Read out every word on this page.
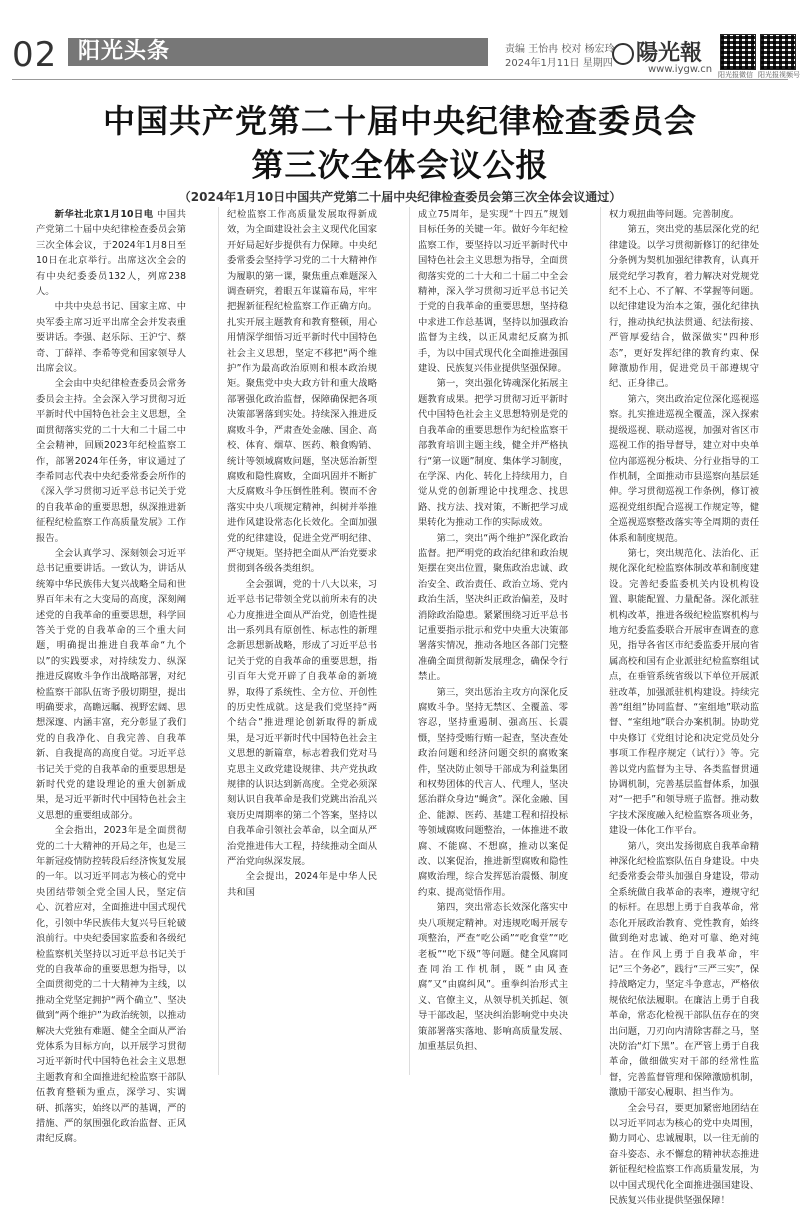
02 阳光头条	责编 王怡冉 校对 杨宏玲
2024年1月11日 星期四	陽光報
www.iygw.cn 阳光报微信 阳光报视频号
中国共产党第二十届中央纪律检查委员会
第三次全体会议公报
（2024年1月10日中国共产党第二十届中央纪律检查委员会第三次全体会议通过）

新华社北京1月10日电 中国共产党第二十届中央纪律检查委员会第三次全体会议，于2024年1月8日至10日在北京举行。出席这次全会的有中央纪委委员132人，列席238人。

中共中央总书记、国家主席、中央军委主席习近平出席全会并发表重要讲话。李强、赵乐际、王沪宁、蔡奇、丁薛祥、李希等党和国家领导人出席会议。

全会由中央纪律检查委员会常务委员会主持。全会深入学习贯彻习近平新时代中国特色社会主义思想，全面贯彻落实党的二十大和二十届二中全会精神，回顾2023年纪检监察工作，部署2024年任务，审议通过了李希同志代表中央纪委常委会所作的《深入学习贯彻习近平总书记关于党的自我革命的重要思想，纵深推进新征程纪检监察工作高质量发展》工作报告。

全会认真学习、深刻领会习近平总书记重要讲话。一致认为，讲话从统筹中华民族伟大复兴战略全局和世界百年未有之大变局的高度，深刻阐述党的自我革命的重要思想，科学回答关于党的自我革命的三个重大问题，明确提出推进自我革命“九个以”的实践要求，对持续发力、纵深推进反腐败斗争作出战略部署，对纪检监察干部队伍寄予殷切期望，提出明确要求，高瞻远瞩、视野宏阔、思想深邃、内涵丰富，充分彰显了我们党的自我净化、自我完善、自我革新、自我提高的高度自觉。习近平总书记关于党的自我革命的重要思想是新时代党的建设理论的重大创新成果，是习近平新时代中国特色社会主义思想的重要组成部分。

全会指出，2023年是全面贯彻党的二十大精神的开局之年，也是三年新冠疫情防控转段后经济恢复发展的一年。以习近平同志为核心的党中央团结带领全党全国人民，坚定信心、沉着应对，全面推进中国式现代化，引领中华民族伟大复兴号巨轮破浪前行。中央纪委国家监委和各级纪检监察机关坚持以习近平总书记关于党的自我革命的重要思想为指导，以全面贯彻党的二十大精神为主线，以推动全党坚定拥护“两个确立”、坚决做到“两个维护”为政治统领，以推动解决大党独有难题、健全全面从严治党体系为目标方向，以开展学习贯彻习近平新时代中国特色社会主义思想主题教育和全面推进纪检监察干部队伍教育整顿为重点，深学习、实调研、抓落实，始终以严的基调，严的措施、严的氛围强化政治监督、正风肃纪反腐。

纪检监察工作高质量发展取得新成效，为全面建设社会主义现代化国家开好局起好步提供有力保障。中央纪委常委会坚持学习党的二十大精神作为履职的第一课，聚焦重点难题深入调查研究，着眼五年谋篇布局，牢牢把握新征程纪检监察工作正确方向。扎实开展主题教育和教育整顿，用心用情深学细悟习近平新时代中国特色社会主义思想，坚定不移把“两个维护”作为最高政治原则和根本政治规矩。聚焦党中央大政方针和重大战略部署强化政治监督，保障确保把各项决策部署落到实处。持续深入推进反腐败斗争，严肃查处金融、国企、高校、体育、烟草、医药、粮食购销、统计等领域腐败问题，坚决惩治新型腐败和隐性腐败，全面巩固并不断扩大反腐败斗争压倒性胜利。锲而不舍落实中央八项规定精神，纠树并举推进作风建设常态化长效化。全面加强党的纪律建设，促进全党严明纪律、严守规矩。坚持把全面从严治党要求贯彻到各级各类组织。

全会强调，党的十八大以来，习近平总书记带领全党以前所未有的决心力度推进全面从严治党，创造性提出一系列具有原创性、标志性的新理念新思想新战略，形成了习近平总书记关于党的自我革命的重要思想，指引百年大党开辟了自我革命的新境界，取得了系统性、全方位、开创性的历史性成就。这是我们党坚持“两个结合”推进理论创新取得的新成果，是习近平新时代中国特色社会主义思想的新篇章，标志着我们党对马克思主义政党建设规律、共产党执政规律的认识达到新高度。全党必须深刻认识自我革命是我们党跳出治乱兴衰历史周期率的第二个答案，坚持以自我革命引领社会革命，以全面从严治党推进伟大工程，持续推动全面从严治党向纵深发展。

全会提出，2024年是中华人民共和国

成立75周年，是实现“十四五”规划目标任务的关键一年。做好今年纪检监察工作，要坚持以习近平新时代中国特色社会主义思想为指导，全面贯彻落实党的二十大和二十届二中全会精神，深入学习贯彻习近平总书记关于党的自我革命的重要思想，坚持稳中求进工作总基调，坚持以加强政治监督为主线，以正风肃纪反腐为抓手，为以中国式现代化全面推进强国建设、民族复兴伟业提供坚强保障。

第一，突出强化铸魂深化拓展主题教育成果。把学习贯彻习近平新时代中国特色社会主义思想特别是党的自我革命的重要思想作为纪检监察干部教育培训主题主线，健全并严格执行“第一议题”制度、集体学习制度，在学深、内化、转化上持续用力，自觉从党的创新理论中找理念、找思路、找方法、找对策，不断把学习成果转化为推动工作的实际成效。

第二，突出“两个维护”深化政治监督。把严明党的政治纪律和政治规矩摆在突出位置，聚焦政治忠诚、政治安全、政治责任、政治立场、党内政治生活，坚决纠正政治偏差，及时消除政治隐患。紧紧围绕习近平总书记重要指示批示和党中央重大决策部署落实情况，推动各地区各部门完整准确全面贯彻新发展理念，确保令行禁止。

第三，突出惩治主攻方向深化反腐败斗争。坚持无禁区、全覆盖、零容忍，坚持重遏制、强高压、长震慑，坚持受贿行贿一起查，坚决查处政治问题和经济问题交织的腐败案件，坚决防止领导干部成为利益集团和权势团体的代言人、代理人，坚决惩治群众身边“蝇贪”。深化金融、国企、能源、医药、基建工程和招投标等领域腐败问题整治，一体推进不敢腐、不能腐、不想腐，推动以案促改、以案促治，推进新型腐败和隐性腐败治理，综合发挥惩治震慑、制度约束、提高觉悟作用。

第四，突出常态长效深化落实中央八项规定精神。对违规吃喝开展专项整治，严查“吃公函”“吃食堂”“吃老板”“吃下级”等问题。健全风腐同查同治工作机制，既“由风查腐”又“由腐纠风”。重拳纠治形式主义、官僚主义，从领导机关抓起、领导干部改起，坚决纠治影响党中央决策部署落实落地、影响高质量发展、加重基层负担、

权力观扭曲等问题。完善制度。

第五，突出党的基层深化党的纪律建设。以学习贯彻新修订的纪律处分条例为契机加强纪律教育，认真开展党纪学习教育，着力解决对党规党纪不上心、不了解、不掌握等问题。以纪律建设为治本之策，强化纪律执行，推动执纪执法贯通、纪法衔接、严管厚爱结合，做深做实“四种形态”，更好发挥纪律的教育约束、保障激励作用，促进党员干部遵规守纪、正身律己。

第六，突出政治定位深化巡视巡察。扎实推进巡视全覆盖，深入探索提级巡视、联动巡视，加强对省区市巡视工作的指导督导，建立对中央单位内部巡视分板块、分行业指导的工作机制，全面推动市县巡察向基层延伸。学习贯彻巡视工作条例，修订被巡视党组织配合巡视工作规定等，健全巡视巡察整改落实等全周期的责任体系和制度规范。

第七，突出规范化、法治化、正规化深化纪检监察体制改革和制度建设。完善纪委监委机关内设机构设置、职能配置、力量配备。深化派驻机构改革，推进各级纪检监察机构与地方纪委监委联合开展审查调查的意见，指导各省区市纪委监委开展向省属高校和国有企业派驻纪检监察组试点，在垂管系统省级以下单位开展派驻改革，加强派驻机构建设。持续完善“组组”协同监督、“室组地”联动监督、“室组地”联合办案机制。协助党中央修订《党组讨论和决定党员处分事项工作程序规定（试行）》等。完善以党内监督为主导、各类监督贯通协调机制，完善基层监督体系，加强对“一把手”和领导班子监督。推动数字技术深度融入纪检监察各项业务，建设一体化工作平台。

第八，突出发扬彻底自我革命精神深化纪检监察队伍自身建设。中央纪委常委会带头加强自身建设，带动全系统做自我革命的表率，遵规守纪的标杆。在思想上勇于自我革命，常态化开展政治教育、党性教育，始终做到绝对忠诚、绝对可靠、绝对纯洁。在作风上勇于自我革命，牢记“三个务必”，践行“三严三实”，保持战略定力，坚定斗争意志，严格依规依纪依法履职。在廉洁上勇于自我革命，常态化检视干部队伍存在的突出问题，刀刃向内清除害群之马，坚决防治“灯下黑”。在严管上勇于自我革命，做细做实对干部的经常性监督，完善监督管理和保障激励机制，激励干部安心履职、担当作为。

全会号召，要更加紧密地团结在以习近平同志为核心的党中央周围，勤力同心、忠诚履职，以一往无前的奋斗姿态、永不懈怠的精神状态推进新征程纪检监察工作高质量发展，为以中国式现代化全面推进强国建设、民族复兴伟业提供坚强保障！
